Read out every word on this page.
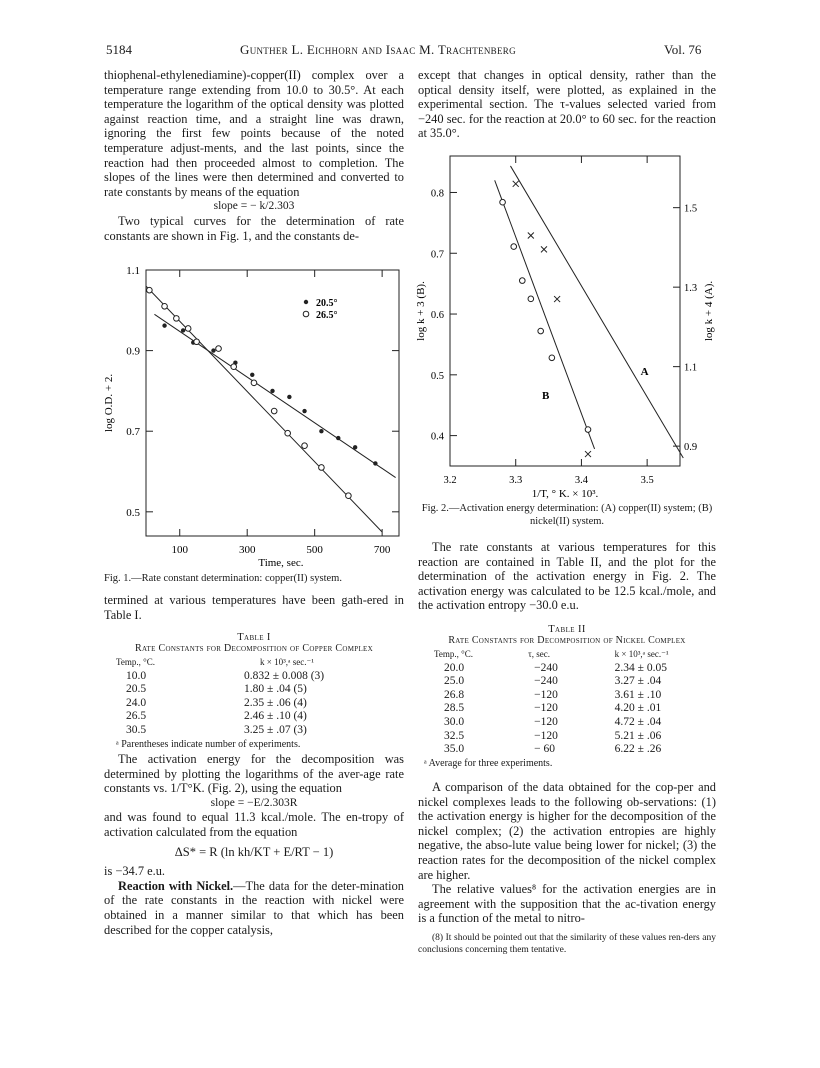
5184	Gunther L. Eichhorn and Isaac M. Trachtenberg	Vol. 76

thiophenal-ethylenediamine)-copper(II) complex over a temperature range extending from 10.0 to 30.5°. At each temperature the logarithm of the optical density was plotted against reaction time, and a straight line was drawn, ignoring the first few points because of the noted temperature adjust-ments, and the last points, since the reaction had then proceeded almost to completion. The slopes of the lines were then determined and converted to rate constants by means of the equation

slope = − k/2.303

Two typical curves for the determination of rate constants are shown in Fig. 1, and the constants de-

100	300	500	700
0.5
0.7
0.9
1.1
Time, sec.
log O.D. + 2.
20.5°
26.5°
Fig. 1.—Rate constant determination: copper(II) system.

termined at various temperatures have been gath-ered in Table I.

Table I
Rate Constants for Decomposition of Copper Complex
Temp., °C.	k × 10³,ᵃ sec.⁻¹
10.0	0.832 ± 0.008 (3)
20.5	1.80 ± .04 (5)
24.0	2.35 ± .06 (4)
26.5	2.46 ± .10 (4)
30.5	3.25 ± .07 (3)
ᵃ Parentheses indicate number of experiments.

The activation energy for the decomposition was determined by plotting the logarithms of the aver-age rate constants vs. 1/T°K. (Fig. 2), using the equation

slope = −E/2.303R

and was found to equal 11.3 kcal./mole. The en-tropy of activation calculated from the equation

ΔS* = R (ln kh/KT + E/RT − 1)

is −34.7 e.u.

Reaction with Nickel.—The data for the deter-mination of the rate constants in the reaction with nickel were obtained in a manner similar to that which has been described for the copper catalysis,

except that changes in optical density, rather than the optical density itself, were plotted, as explained in the experimental section. The τ-values selected varied from −240 sec. for the reaction at 20.0° to 60 sec. for the reaction at 35.0°.

3.2	3.3	3.4	3.5
0.4
0.5
0.6
0.7
0.8
0.9
1.1
1.3
1.5
1/T, ° K. × 10³.
log k + 3 (B).	log k + 4 (A).
A
B
Fig. 2.—Activation energy determination: (A) copper(II) system; (B) nickel(II) system.

The rate constants at various temperatures for this reaction are contained in Table II, and the plot for the determination of the activation energy in Fig. 2. The activation energy was calculated to be 12.5 kcal./mole, and the activation entropy −30.0 e.u.

Table II
Rate Constants for Decomposition of Nickel Complex
Temp., °C.	τ, sec.	k × 10³,ᵃ sec.⁻¹
20.0	−240	2.34 ± 0.05
25.0	−240	3.27 ± .04
26.8	−120	3.61 ± .10
28.5	−120	4.20 ± .01
30.0	−120	4.72 ± .04
32.5	−120	5.21 ± .06
35.0	− 60	6.22 ± .26
ᵃ Average for three experiments.

A comparison of the data obtained for the cop-per and nickel complexes leads to the following ob-servations: (1) the activation energy is higher for the decomposition of the nickel complex; (2) the activation entropies are highly negative, the abso-lute value being lower for nickel; (3) the reaction rates for the decomposition of the nickel complex are higher.

The relative values⁸ for the activation energies are in agreement with the supposition that the ac-tivation energy is a function of the metal to nitro-

(8) It should be pointed out that the similarity of these values ren-ders any conclusions concerning them tentative.
